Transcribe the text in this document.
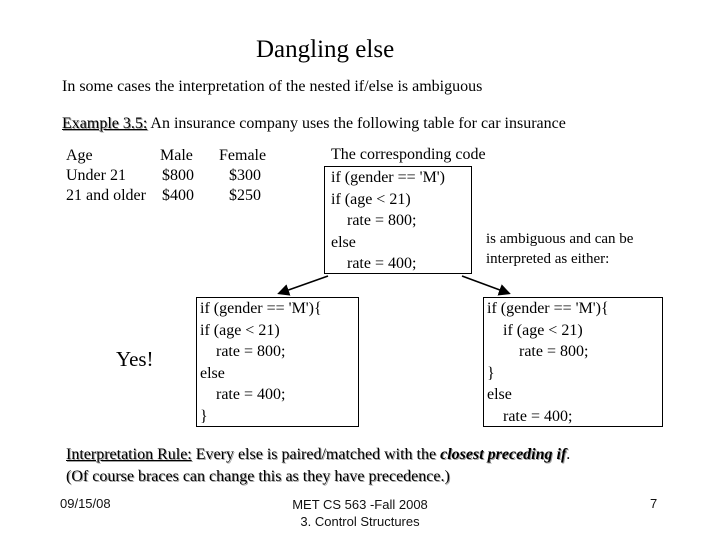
Dangling else
In some cases the interpretation of the nested if/else is ambiguous
Example 3.5: An insurance company uses the following table for car insurance
Age	Male Female
Under 21 $800 $300
21 and older $400 $250
The corresponding code
if (gender == 'M')
if (age < 21)
rate = 800;
else
rate = 400;
is ambiguous and can be interpreted as either:
Yes!
if (gender == 'M'){
if (age < 21)
rate = 800;
else
rate = 400;
}
if (gender == 'M'){
if (age < 21)
rate = 800;
}
else
rate = 400;
Interpretation Rule: Every else is paired/matched with the closest preceding if.
(Of course braces can change this as they have precedence.)
09/15/08	MET CS 563 -Fall 2008
3. Control Structures
7
